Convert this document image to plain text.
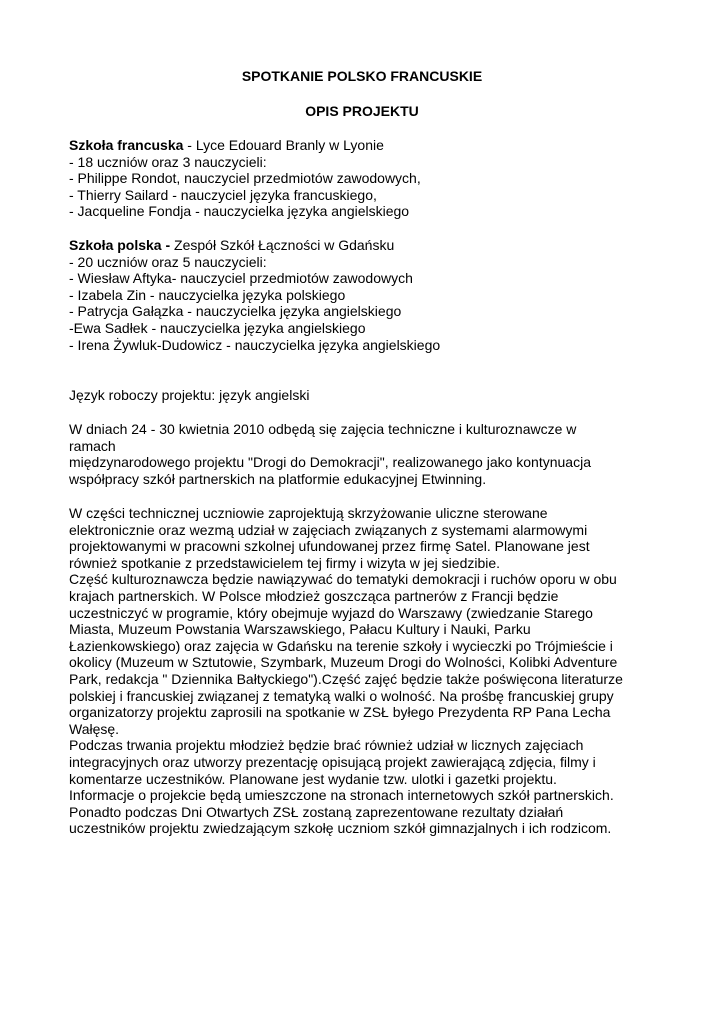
SPOTKANIE POLSKO FRANCUSKIE
OPIS PROJEKTU
Szkoła francuska - Lyce Edouard Branly w Lyonie
- 18 uczniów oraz 3 nauczycieli:
- Philippe Rondot, nauczyciel przedmiotów zawodowych,
- Thierry Sailard - nauczyciel języka francuskiego,
- Jacqueline Fondja - nauczycielka języka angielskiego
Szkoła polska - Zespół Szkół Łączności w Gdańsku
- 20 uczniów oraz 5 nauczycieli:
- Wiesław Aftyka- nauczyciel przedmiotów zawodowych
- Izabela Zin - nauczycielka języka polskiego
- Patrycja Gałązka - nauczycielka języka angielskiego
-Ewa Sadłek - nauczycielka języka angielskiego
- Irena Żywluk-Dudowicz - nauczycielka języka angielskiego
Język roboczy projektu: język angielski
W dniach 24 - 30 kwietnia 2010 odbędą się zajęcia techniczne i kulturoznawcze w
ramach
międzynarodowego projektu "Drogi do Demokracji", realizowanego jako kontynuacja
współpracy szkół partnerskich na platformie edukacyjnej Etwinning.
W części technicznej uczniowie zaprojektują skrzyżowanie uliczne sterowane
elektronicznie oraz wezmą udział w zajęciach związanych z systemami alarmowymi
projektowanymi w pracowni szkolnej ufundowanej przez firmę Satel. Planowane jest
również spotkanie z przedstawicielem tej firmy i wizyta w jej siedzibie.
Część kulturoznawcza będzie nawiązywać do tematyki demokracji i ruchów oporu w obu
krajach partnerskich. W Polsce młodzież goszcząca partnerów z Francji będzie
uczestniczyć w programie, który obejmuje wyjazd do Warszawy (zwiedzanie Starego
Miasta, Muzeum Powstania Warszawskiego, Pałacu Kultury i Nauki, Parku
Łazienkowskiego) oraz zajęcia w Gdańsku na terenie szkoły i wycieczki po Trójmieście i
okolicy (Muzeum w Sztutowie, Szymbark, Muzeum Drogi do Wolności, Kolibki Adventure
Park, redakcja " Dziennika Bałtyckiego").Część zajęć będzie także poświęcona literaturze
polskiej i francuskiej związanej z tematyką walki o wolność. Na prośbę francuskiej grupy
organizatorzy projektu zaprosili na spotkanie w ZSŁ byłego Prezydenta RP Pana Lecha
Wałęsę.
Podczas trwania projektu młodzież będzie brać również udział w licznych zajęciach
integracyjnych oraz utworzy prezentację opisującą projekt zawierającą zdjęcia, filmy i
komentarze uczestników. Planowane jest wydanie tzw. ulotki i gazetki projektu.
Informacje o projekcie będą umieszczone na stronach internetowych szkół partnerskich.
Ponadto podczas Dni Otwartych ZSŁ zostaną zaprezentowane rezultaty działań
uczestników projektu zwiedzającym szkołę uczniom szkół gimnazjalnych i ich rodzicom.
